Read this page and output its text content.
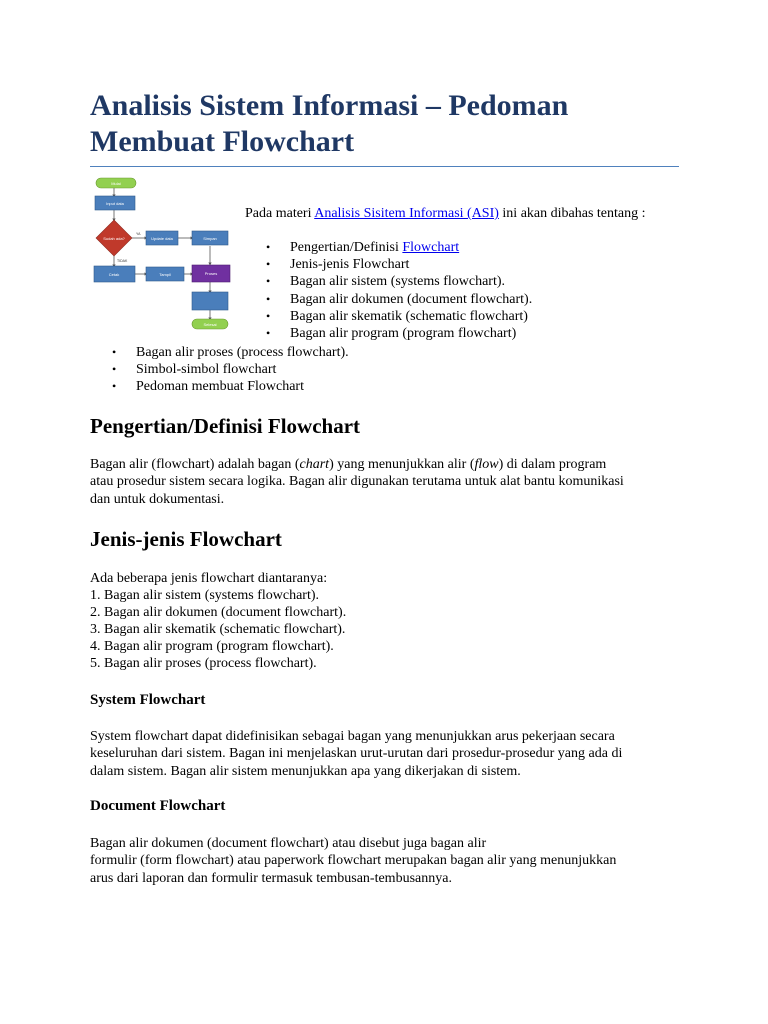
Analisis Sistem Informasi – Pedoman Membuat Flowchart
Mulai
Input data
Sudah ada?
YA
TIDAK
Update data	Simpan
Cetak	Tampil	Proses
Selesai

Pada materi Analisis Sisitem Informasi (ASI) ini akan dibahas tentang :

• Pengertian/Definisi Flowchart
• Jenis-jenis Flowchart
• Bagan alir sistem (systems flowchart).
• Bagan alir dokumen (document flowchart).
• Bagan alir skematik (schematic flowchart)
• Bagan alir program (program flowchart)
• Bagan alir proses (process flowchart).
• Simbol-simbol flowchart
• Pedoman membuat Flowchart
Pengertian/Definisi Flowchart

Bagan alir (flowchart) adalah bagan (chart) yang menunjukkan alir (flow) di dalam program
atau prosedur sistem secara logika. Bagan alir digunakan terutama untuk alat bantu komunikasi
dan untuk dokumentasi.

Jenis-jenis Flowchart

Ada beberapa jenis flowchart diantaranya:

1. Bagan alir sistem (systems flowchart).
2. Bagan alir dokumen (document flowchart).
3. Bagan alir skematik (schematic flowchart).
4. Bagan alir program (program flowchart).
5. Bagan alir proses (process flowchart).
System Flowchart

System flowchart dapat didefinisikan sebagai bagan yang menunjukkan arus pekerjaan secara
keseluruhan dari sistem. Bagan ini menjelaskan urut-urutan dari prosedur-prosedur yang ada di
dalam sistem. Bagan alir sistem menunjukkan apa yang dikerjakan di sistem.

Document Flowchart

Bagan alir dokumen (document flowchart) atau disebut juga bagan alir
formulir (form flowchart) atau paperwork flowchart merupakan bagan alir yang menunjukkan
arus dari laporan dan formulir termasuk tembusan-tembusannya.
